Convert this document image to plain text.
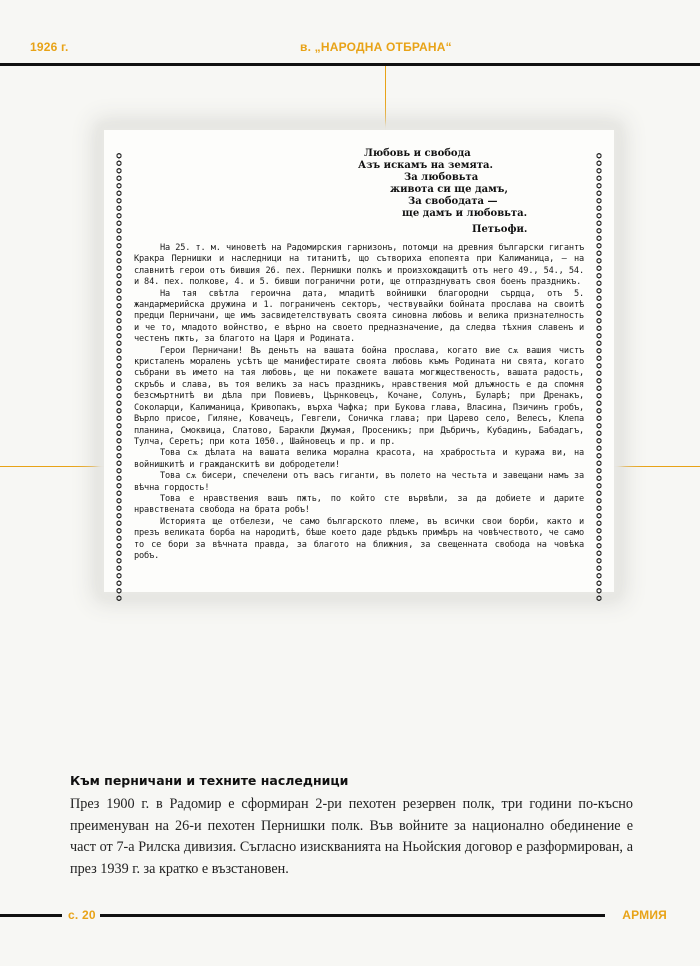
1926 г.	в. „НАРОДНА ОТБРАНА“
Любовь и свобода
Азъ искамъ на земята.
За любовьта
живота си ще дамъ,
За свободата —
ще дамъ и любовьта.
Петьофи.

На 25. т. м. чиноветѣ на Радомирския гарнизонъ, потомци на древния български гигантъ Кракра Пернишки и наследници на титанитѣ, що сътвориха епопеята при Калиманица, — на славнитѣ герои отъ бившия 26. пех. Пернишки полкъ и произхождащитѣ отъ него 49., 54., 54. и 84. пех. полкове, 4. и 5. бивши погранични роти, ще отпразднуватъ своя боенъ праздникъ.

На тая свѣтла героична дата, младитѣ войнишки благородни сърдца, отъ 5. жандармерийска дружина и 1. пограниченъ секторъ, чествувайки бойната прослава на своитѣ предци Перничани, ще имъ засвидетелствуватъ своята синовна любовь и велика признателность и че то, младото войнство, е вѣрно на своето предназначение, да следва тѣхния славенъ и честенъ пжть, за благото на Царя и Родината.

Герои Перничани! Въ деньтъ на вашата бойна прослава, когато вие сѫ вашия чистъ кристаленъ моралень усѣтъ ще манифестирате своята любовь къмъ Родината ни свята, когато събрани въ името на тая любовь, ще ни покажете вашата могжщественость, вашата радость, скръбь и слава, въ тоя великъ за насъ праздникъ, нравствения мой длъжность е да спомня безсмъртнитѣ ви дѣла при Повиевъ, Църнковецъ, Кочане, Солунъ, Буларѣ; при Дренакъ, Соколарци, Калиманица, Кривопакъ, върха Чафка; при Букова глава, Власина, Пзичинъ гробъ, Върло присое, Гиляне, Ковачецъ, Гевгели, Соничка глава; при Царево село, Велесъ, Клепа планина, Смоквица, Слатово, Баракли Джумая, Просеникъ; при Дъбричъ, Кубадинъ, Бабадагъ, Тулча, Серетъ; при кота 1050., Шайновецъ и пр. и пр.

Това сѫ дѣлата на вашата велика морална красота, на храбростьта и куража ви, на войнишкитѣ и гражданскитѣ ви добродетели!

Това сѫ бисери, спечелени отъ васъ гиганти, въ полето на честьта и завещани намъ за вѣчна гордость!

Това е нравствения вашъ пжть, по който сте вървѣли, за да добиете и дарите нравствената свобода на брата робъ!

Историята ще отбелези, че само българското племе, въ всички свои борби, както и презъ великата борба на народитѣ, бѣше което даде рѣдъкъ примѣръ на човѣчеството, че само то се бори за вѣчната правда, за благото на ближния, за свещенната свобода на човѣка робъ.

Към перничани и техните наследници
През 1900 г. в Радомир е сформиран 2-ри пехотен резервен полк, три години по-късно преименуван на 26-и пехотен Пернишки полк. Във войните за национално обединение е част от 7-а Рилска дивизия. Съгласно изискванията на Ньойския договор е разформирован, а през 1939 г. за кратко е възстановен.
с. 20	АРМИЯ
